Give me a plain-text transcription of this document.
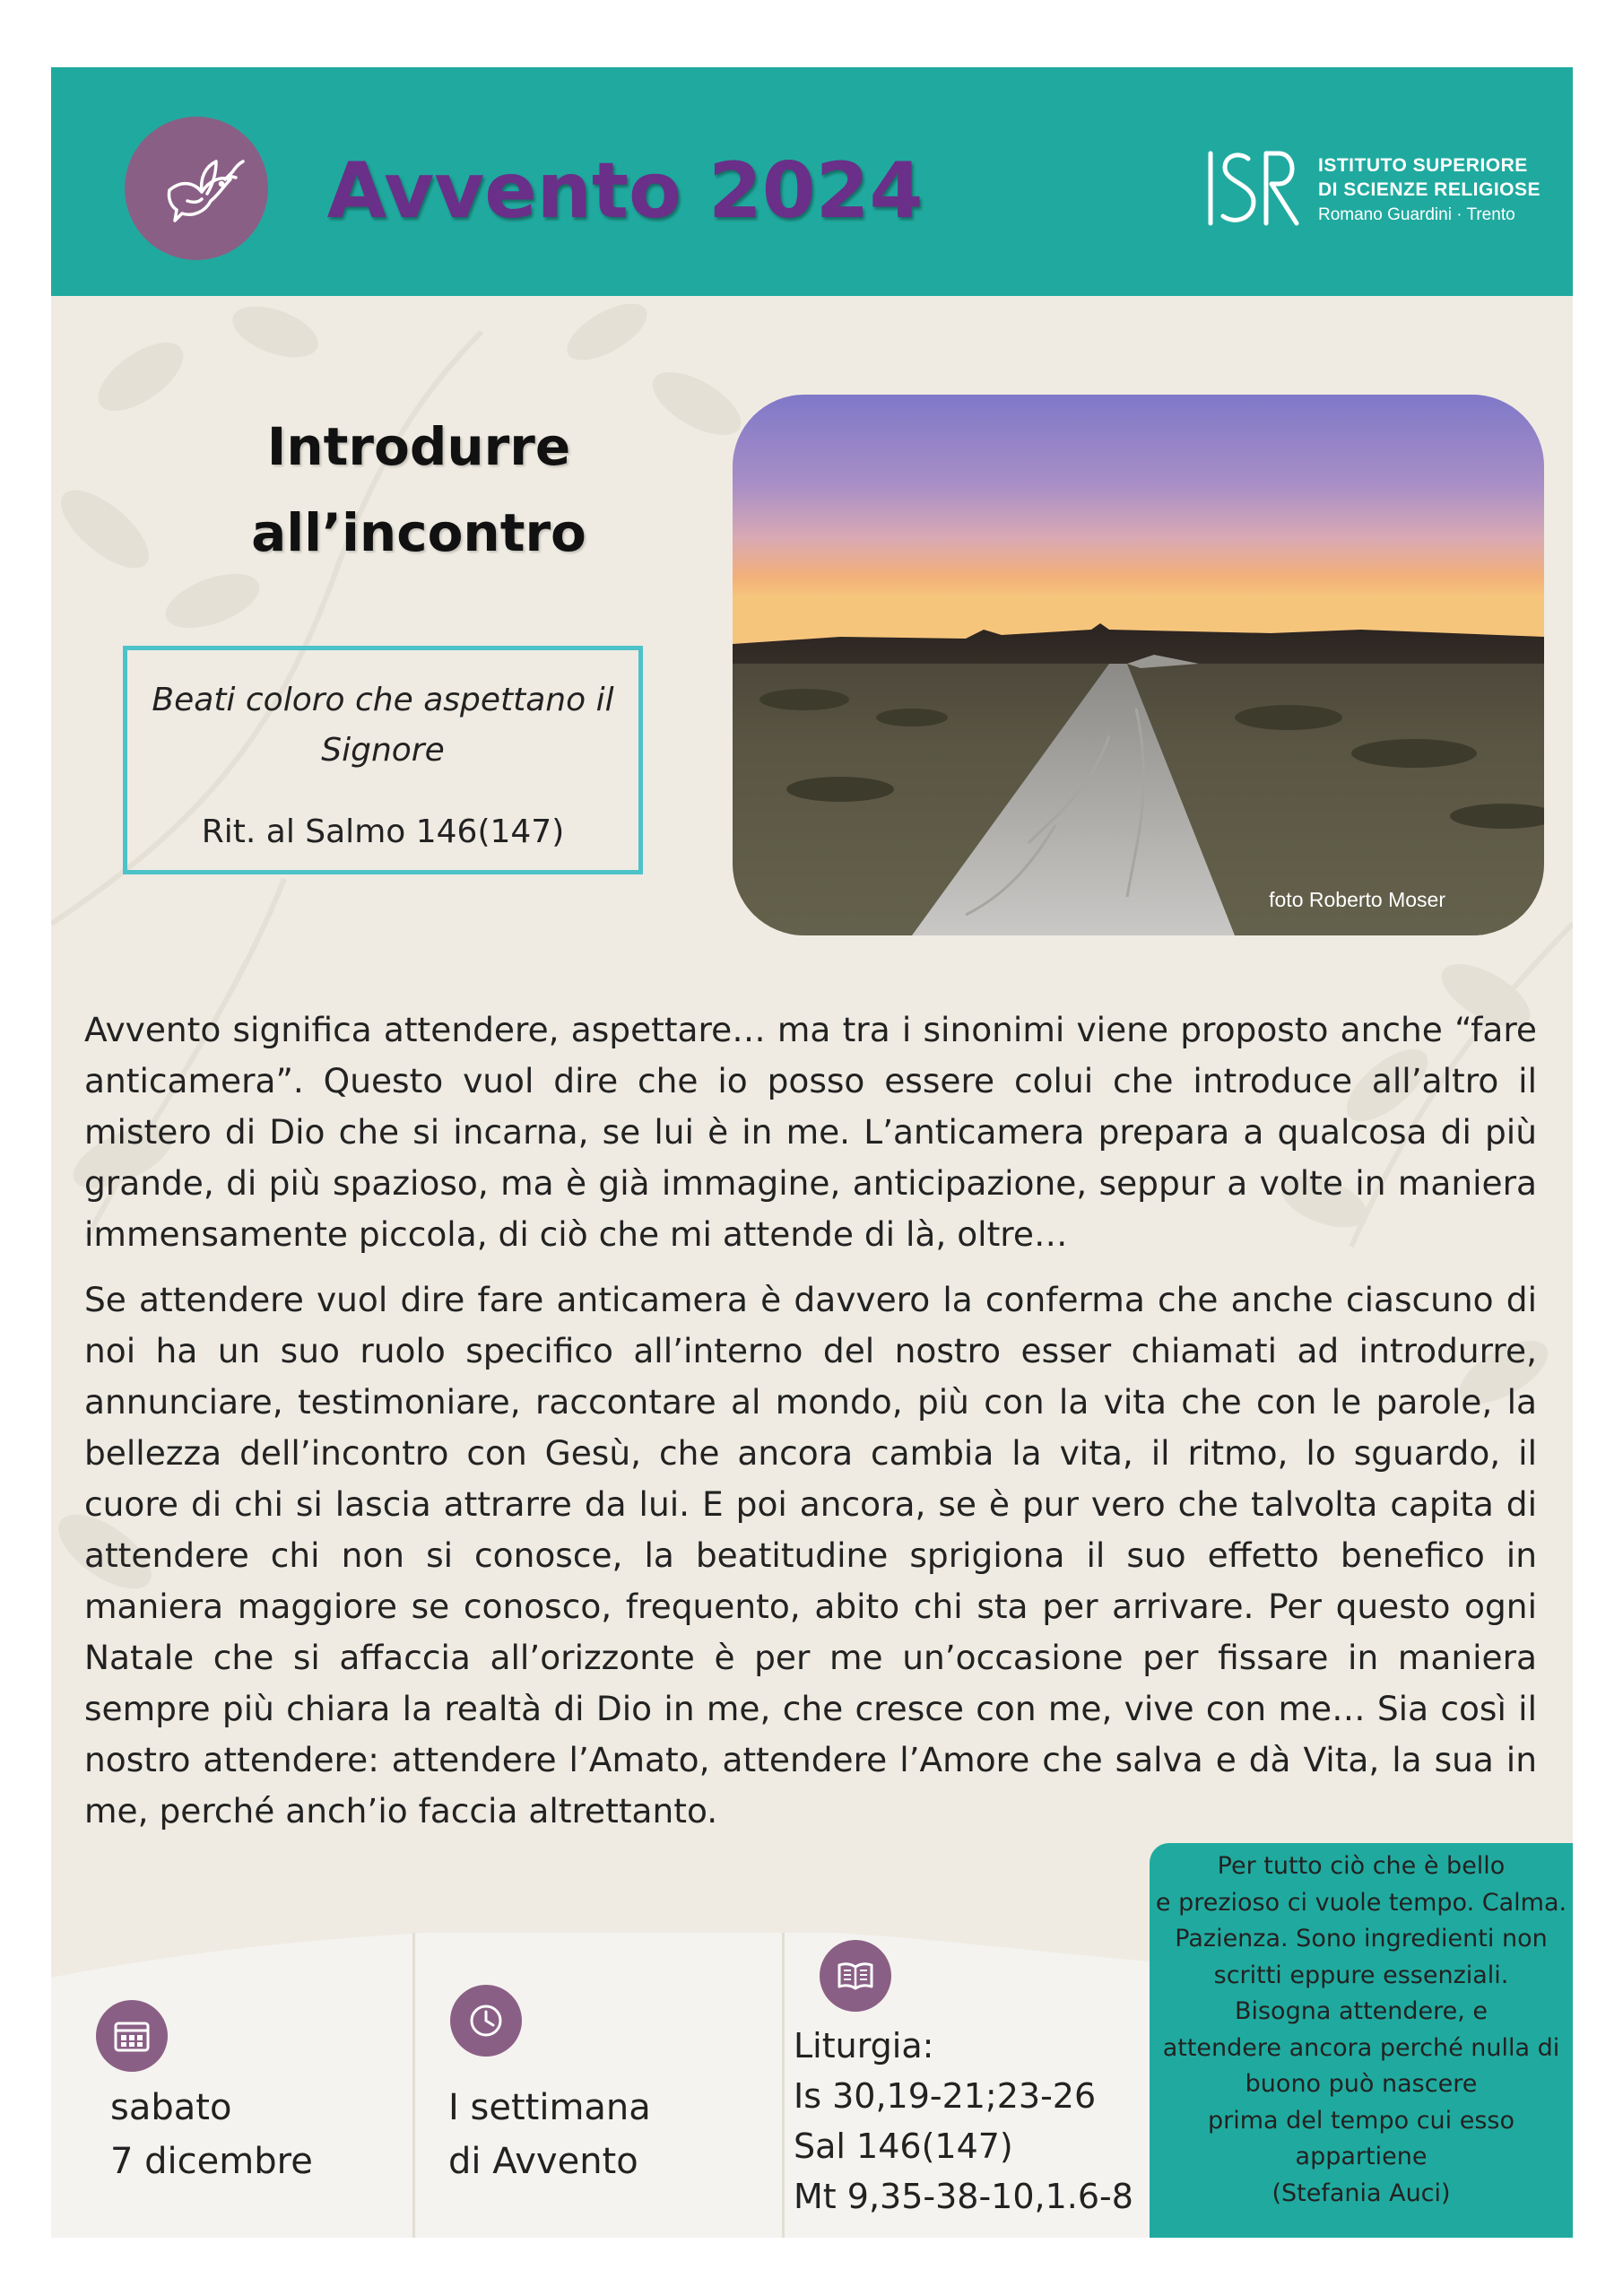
Avvento 2024	ISTITUTO SUPERIORE
DI SCIENZE RELIGIOSE
Romano Guardini · Trento
Introdurre
all’incontro
Beati coloro che aspettano il
Signore
Rit. al Salmo 146(147)
foto Roberto Moser

Avvento significa attendere, aspettare… ma tra i sinonimi viene proposto anche “fare anticamera”. Questo vuol dire che io posso essere colui che introduce all’altro il mistero di Dio che si incarna, se lui è in me. L’anticamera prepara a qualcosa di più grande, di più spazioso, ma è già immagine, anticipazione, seppur a volte in maniera immensamente piccola, di ciò che mi attende di là, oltre…

Se attendere vuol dire fare anticamera è davvero la conferma che anche ciascuno di noi ha un suo ruolo specifico all’interno del nostro esser chiamati ad introdurre, annunciare, testimoniare, raccontare al mondo, più con la vita che con le parole, la bellezza dell’incontro con Gesù, che ancora cambia la vita, il ritmo, lo sguardo, il cuore di chi si lascia attrarre da lui. E poi ancora, se è pur vero che talvolta capita di attendere chi non si conosce, la beatitudine sprigiona il suo effetto benefico in maniera maggiore se conosco, frequento, abito chi sta per arrivare. Per questo ogni Natale che si affaccia all’orizzonte è per me un’occasione per fissare in maniera sempre più chiara la realtà di Dio in me, che cresce con me, vive con me… Sia così il nostro attendere: attendere l’Amato, attendere l’Amore che salva e dà Vita, la sua in me, perché anch’io faccia altrettanto.

sabato
7 dicembre
I settimana
di Avvento
Liturgia:
Is 30,19-21;23-26
Sal 146(147)
Mt 9,35-38-10,1.6-8
Per tutto ciò che è bello
e prezioso ci vuole tempo. Calma.
Pazienza. Sono ingredienti non
scritti eppure essenziali.
Bisogna attendere, e
attendere ancora perché nulla di
buono può nascere
prima del tempo cui esso
appartiene
(Stefania Auci)
